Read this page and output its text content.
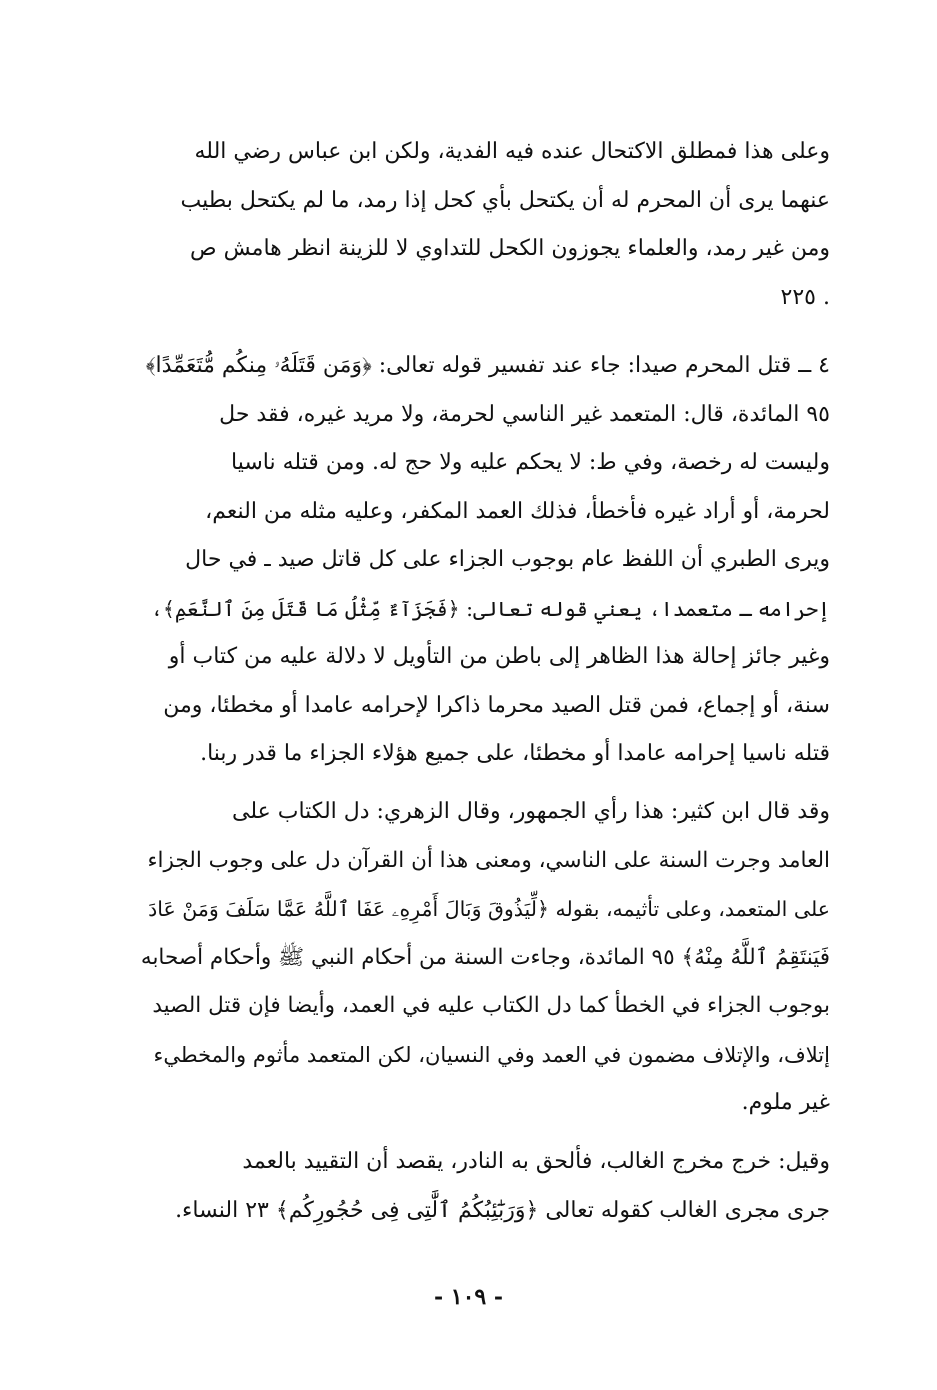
وعلى هذا فمطلق الاكتحال عنده فيه الفدية، ولكن ابن عباس رضي الله
عنهما يرى أن المحرم له أن يكتحل بأي كحل إذا رمد، ما لم يكتحل بطيب
ومن غير رمد، والعلماء يجوزون الكحل للتداوي لا للزينة انظر هامش ص
. ٢٢٥
٤ ــ قتل المحرم صيدا: جاء عند تفسير قوله تعالى: ﴿وَمَن قَتَلَهُۥ مِنكُم مُّتَعَمِّدًا﴾
٩٥ المائدة، قال: المتعمد غير الناسي لحرمة، ولا مريد غيره، فقد حل
وليست له رخصة، وفي ط: لا يحكم عليه ولا حج له. ومن قتله ناسيا
لحرمة، أو أراد غيره فأخطأ، فذلك العمد المكفر، وعليه مثله من النعم،
ويرى الطبري أن اللفظ عام بوجوب الجزاء على كل قاتل صيد ـ في حال
إحرامه ـ متعمدا، يعني قوله تعالى: ﴿فَجَزَآءٌ مِّثْلُ مَا قَتَلَ مِنَ ٱلنَّعَمِ﴾،
وغير جائز إحالة هذا الظاهر إلى باطن من التأويل لا دلالة عليه من كتاب أو
سنة، أو إجماع، فمن قتل الصيد محرما ذاكرا لإحرامه عامدا أو مخطئا، ومن
قتله ناسيا إحرامه عامدا أو مخطئا، على جميع هؤلاء الجزاء ما قدر ربنا.
وقد قال ابن كثير: هذا رأي الجمهور، وقال الزهري: دل الكتاب على
العامد وجرت السنة على الناسي، ومعنى هذا أن القرآن دل على وجوب الجزاء
على المتعمد، وعلى تأثيمه، بقوله ﴿لِّيَذُوقَ وَبَالَ أَمْرِهِۦ عَفَا ٱللَّهُ عَمَّا سَلَفَ وَمَنْ عَادَ
فَيَنتَقِمُ ٱللَّهُ مِنْهُ﴾ ٩٥ المائدة، وجاءت السنة من أحكام النبي ﷺ وأحكام أصحابه
بوجوب الجزاء في الخطأ كما دل الكتاب عليه في العمد، وأيضا فإن قتل الصيد
إتلاف، والإتلاف مضمون في العمد وفي النسيان، لكن المتعمد مأثوم والمخطيء
غير ملوم.
وقيل: خرج مخرج الغالب، فألحق به النادر، يقصد أن التقييد بالعمد
جرى مجرى الغالب كقوله تعالى ﴿وَرَبَٰٓئِبُكُمُ ٱلَّٰتِى فِى حُجُورِكُم﴾ ٢٣ النساء.
- ١٠٩ -
